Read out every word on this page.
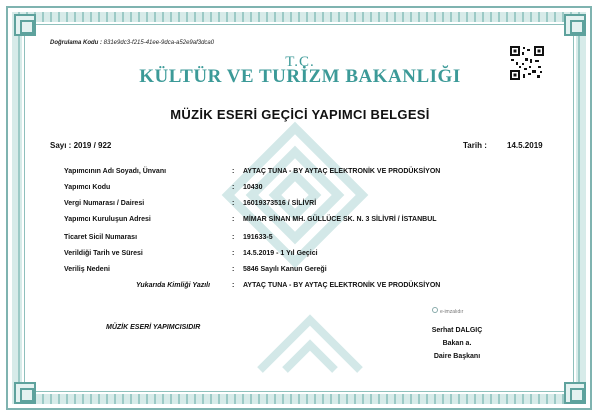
Doğrulama Kodu : 831e9dc3-f215-41ee-9dca-a52e9af3dca0
T.C.
KÜLTÜR VE TURİZM BAKANLIĞI
MÜZİK ESERİ GEÇİCİ YAPIMCI BELGESİ
Sayı : 2019 / 922	Tarih :	14.5.2019
Yapımcının Adı Soyadı, Ünvanı	: AYTAÇ TUNA - BY AYTAÇ ELEKTRONİK VE PRODÜKSİYON
Yapımcı Kodu	: 10430
Vergi Numarası / Dairesi	: 16019373516 / SİLİVRİ
Yapımcı Kuruluşun Adresi	: MİMAR SİNAN MH. GÜLLÜCE SK. N. 3 SİLİVRİ / İSTANBUL
Ticaret Sicil Numarası	: 191633-5
Verildiği Tarih ve Süresi	: 14.5.2019 - 1 Yıl Geçici
Veriliş Nedeni	: 5846 Sayılı Kanun Gereği
Yukarıda Kimliği Yazılı	: AYTAÇ TUNA - BY AYTAÇ ELEKTRONİK VE PRODÜKSİYON
MÜZİK ESERİ YAPIMCISIDIR
e-imzalıdır
Serhat DALGIÇ
Bakan a.
Daire Başkanı
